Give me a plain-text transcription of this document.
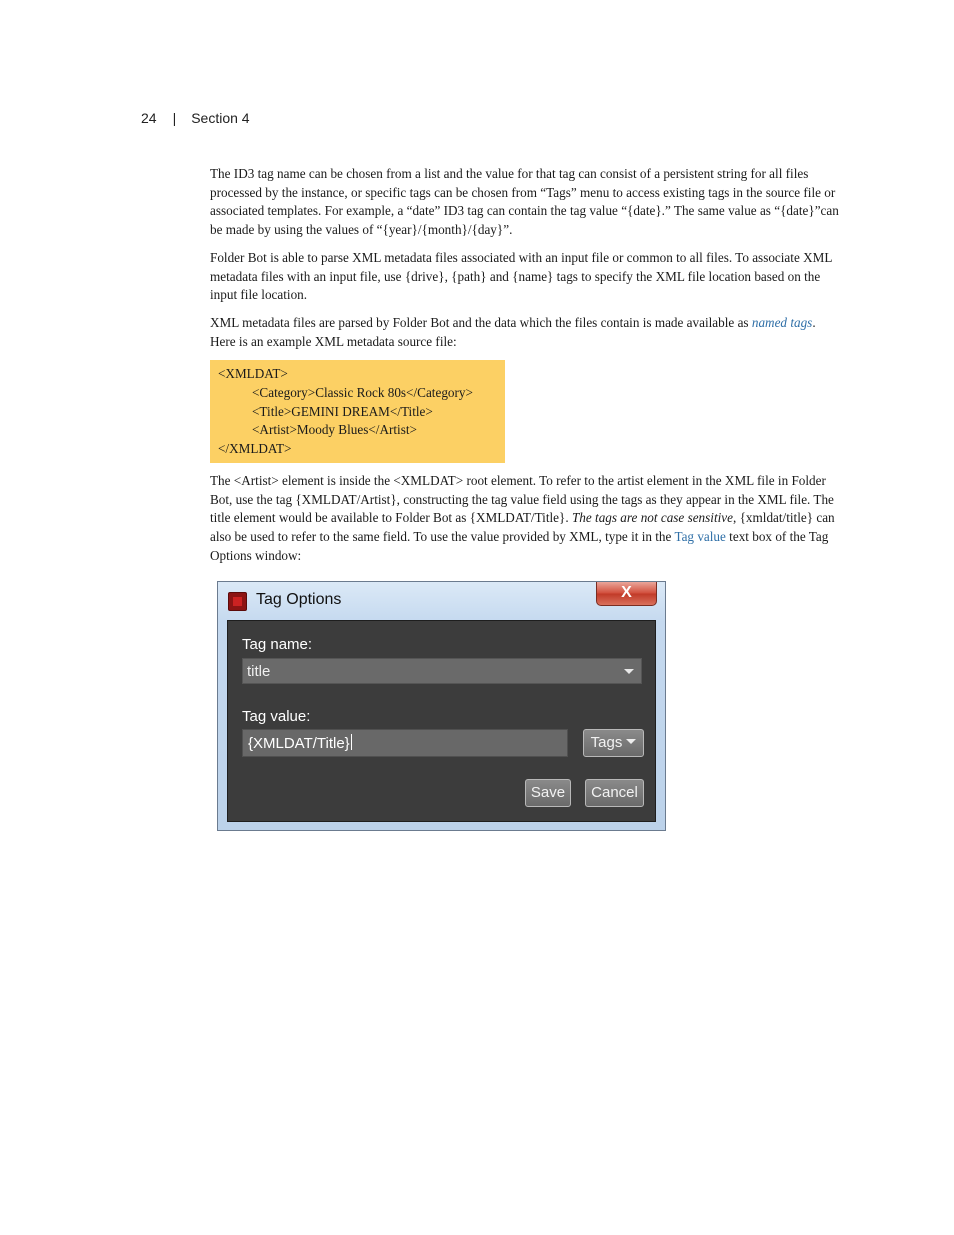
24 | Section 4

The ID3 tag name can be chosen from a list and the value for that tag can consist of a persistent string for all files processed by the instance, or specific tags can be chosen from “Tags” menu to access existing tags in the source file or associated templates. For example, a “date” ID3 tag can contain the tag value “{date}.” The same value as “{date}”can be made by using the values of “{year}/{month}/{day}”.

Folder Bot is able to parse XML metadata files associated with an input file or common to all files. To associate XML metadata files with an input file, use {drive}, {path} and {name} tags to specify the XML file location based on the input file location.

XML metadata files are parsed by Folder Bot and the data which the files contain is made available as named tags. Here is an example XML metadata source file:

<XMLDAT>
<Category>Classic Rock 80s</Category>
<Title>GEMINI DREAM</Title>
<Artist>Moody Blues</Artist>
</XMLDAT>

The <Artist> element is inside the <XMLDAT> root element. To refer to the artist element in the XML file in Folder Bot, use the tag {XMLDAT/Artist}, constructing the tag value field using the tags as they appear in the XML file. The title element would be available to Folder Bot as {XMLDAT/Title}. The tags are not case sensitive, {xmldat/title} can also be used to refer to the same field. To use the value provided by XML, type it in the Tag value text box of the Tag Options window:

Tag Options	X
Tag name:
title
Tag value:
{XMLDAT/Title}	Tags
Save	Cancel
